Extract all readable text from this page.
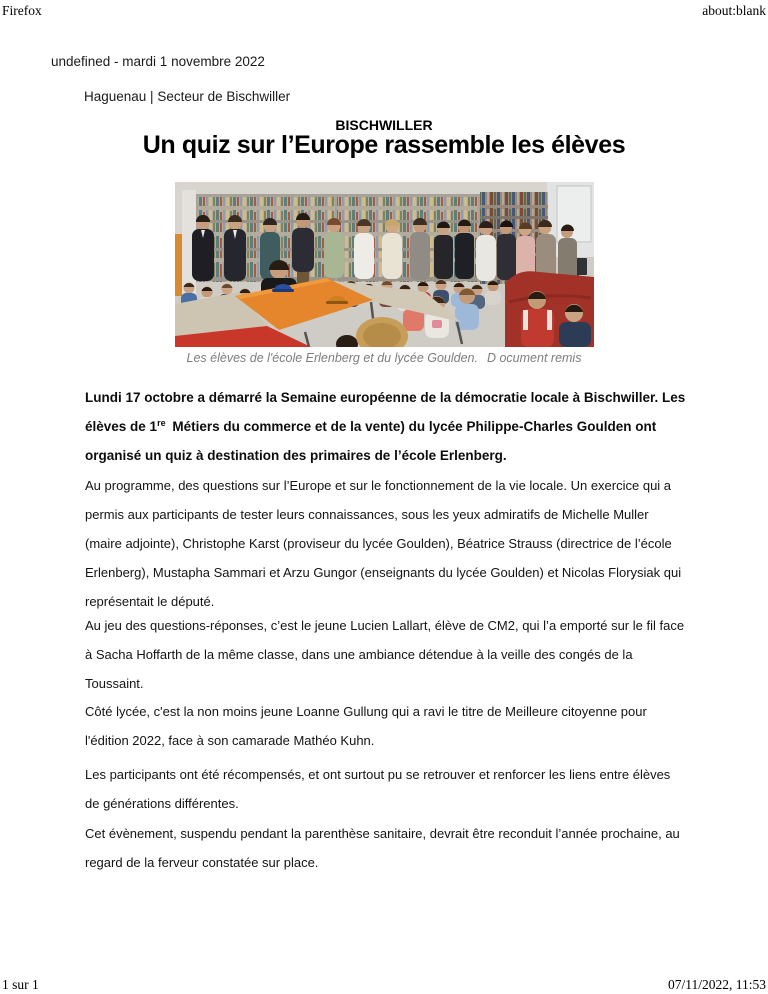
Firefox	about:blank
undefined - mardi 1 novembre 2022
Haguenau | Secteur de Bischwiller
BISCHWILLER
Un quiz sur l’Europe rassemble les élèves
Les élèves de l'école Erlenberg et du lycée Goulden. D ocument remis

Lundi 17 octobre a démarré la Semaine européenne de la démocratie locale à Bischwiller. Les élèves de 1re Métiers du commerce et de la vente) du lycée Philippe-Charles Goulden ont organisé un quiz à destination des primaires de l’école Erlenberg.

Au programme, des questions sur l’Europe et sur le fonctionnement de la vie locale. Un exercice qui a permis aux participants de tester leurs connaissances, sous les yeux admiratifs de Michelle Muller (maire adjointe), Christophe Karst (proviseur du lycée Goulden), Béatrice Strauss (directrice de l’école Erlenberg), Mustapha Sammari et Arzu Gungor (enseignants du lycée Goulden) et Nicolas Florysiak qui représentait le député.

Au jeu des questions-réponses, c’est le jeune Lucien Lallart, élève de CM2, qui l’a emporté sur le fil face à Sacha Hoffarth de la même classe, dans une ambiance détendue à la veille des congés de la Toussaint.

Côté lycée, c'est la non moins jeune Loanne Gullung qui a ravi le titre de Meilleure citoyenne pour l'édition 2022, face à son camarade Mathéo Kuhn.

Les participants ont été récompensés, et ont surtout pu se retrouver et renforcer les liens entre élèves de générations différentes.

Cet évènement, suspendu pendant la parenthèse sanitaire, devrait être reconduit l’année prochaine, au regard de la ferveur constatée sur place.

1 sur 1	07/11/2022, 11:53
